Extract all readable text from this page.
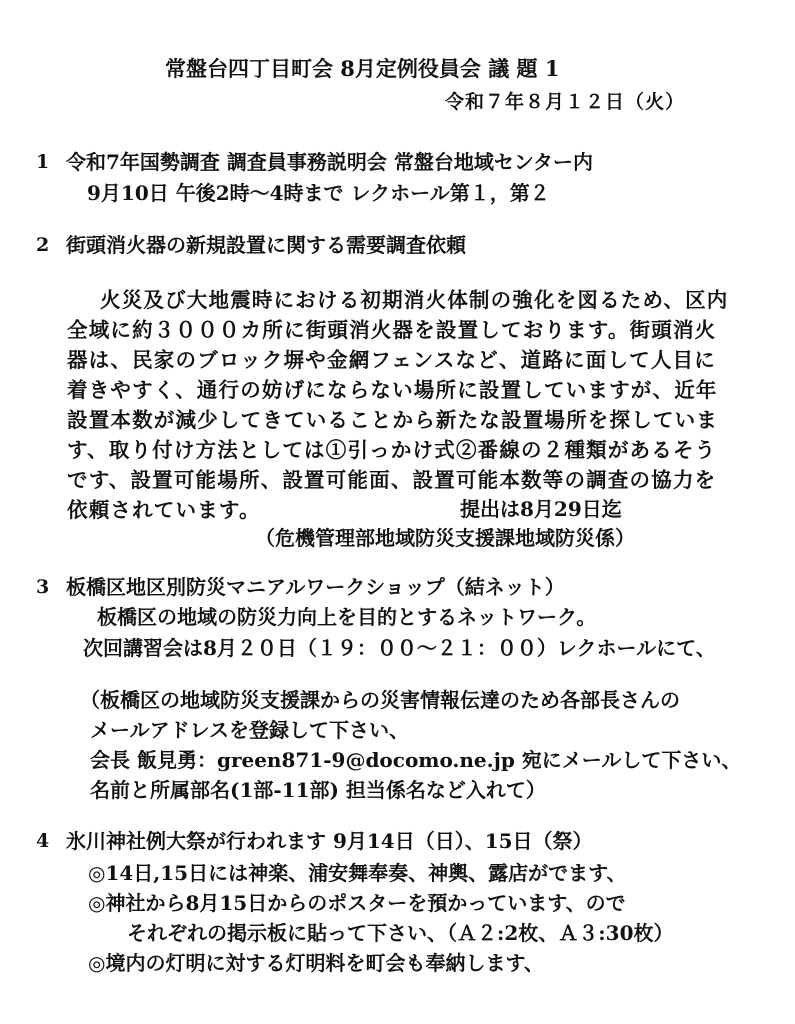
常盤台四丁目町会 8月定例役員会 議 題 1
令和７年８月１２日（火）
1 令和7年国勢調査 調査員事務説明会 常盤台地域センター内
9月10日 午後2時～4時まで レクホール第１，第２
2 街頭消火器の新規設置に関する需要調査依頼
火災及び大地震時における初期消火体制の強化を図るため、区内
全域に約３０００カ所に街頭消火器を設置しております。街頭消火
器は、民家のブロック塀や金網フェンスなど、道路に面して人目に
着きやすく、通行の妨げにならない場所に設置していますが、近年
設置本数が減少してきていることから新たな設置場所を探していま
す、取り付け方法としては①引っかけ式②番線の２種類があるそう
です、設置可能場所、設置可能面、設置可能本数等の調査の協力を
依頼されています。	提出は8月29日迄
（危機管理部地域防災支援課地域防災係）
3 板橋区地区別防災マニアルワークショップ（結ネット）
板橋区の地域の防災力向上を目的とするネットワーク。
次回講習会は8月２０日（１９：００～２１：００）レクホールにて、
（板橋区の地域防災支援課からの災害情報伝達のため各部長さんの
メールアドレスを登録して下さい、
会長 飯見勇：green871-9@docomo.ne.jp 宛にメールして下さい、
名前と所属部名(1部-11部) 担当係名など入れて）
4 氷川神社例大祭が行われます 9月14日（日）、15日（祭）
◎14日,15日には神楽、浦安舞奉奏、神輿、露店がでます、
◎神社から8月15日からのポスターを預かっています、ので
それぞれの掲示板に貼って下さい、（Ａ２:2枚、Ａ３:30枚）
◎境内の灯明に対する灯明料を町会も奉納します、
